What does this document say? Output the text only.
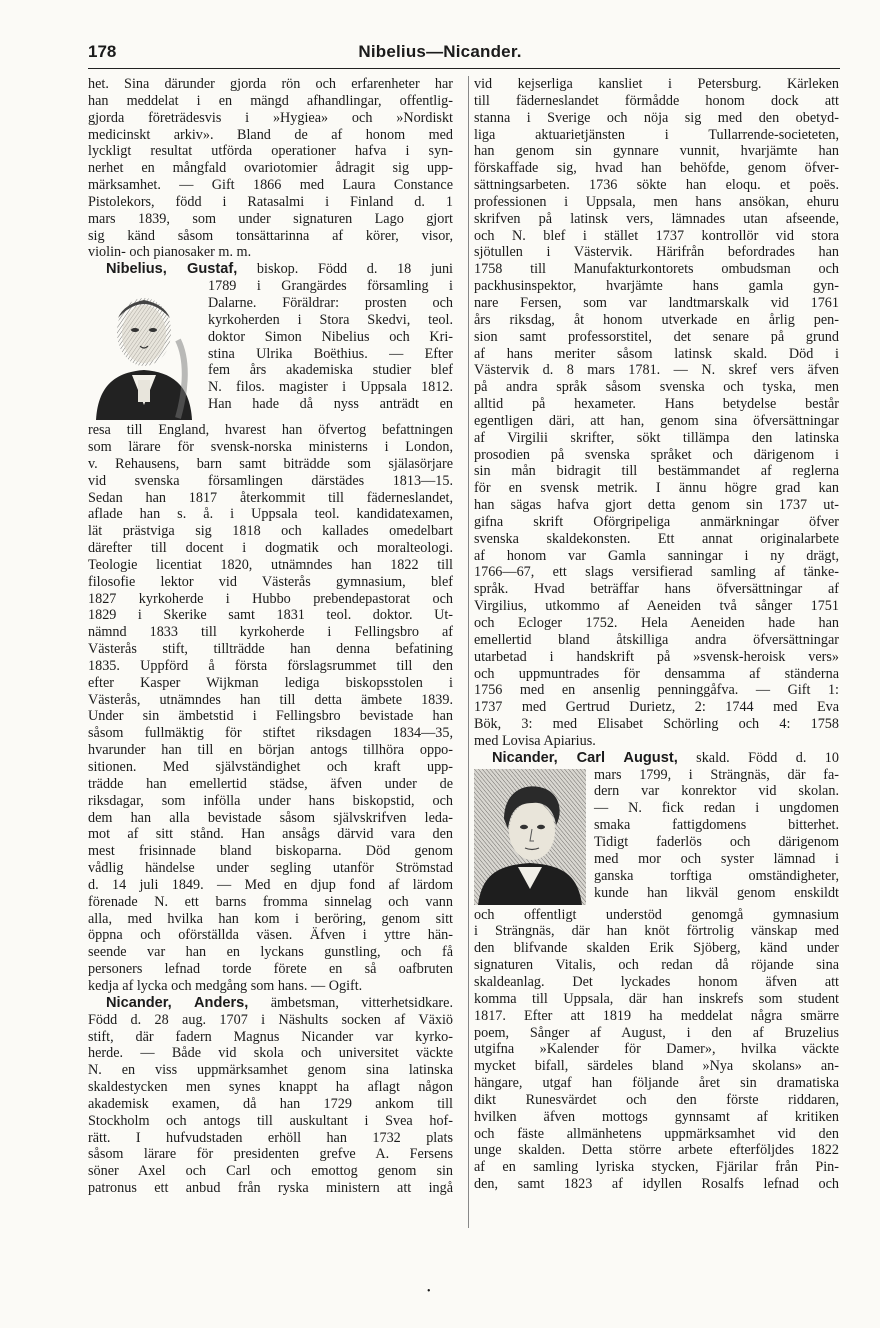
178	Nibelius—Nicander.
het. Sina därunder gjorda rön och erfarenheter har
han meddelat i en mängd afhandlingar, offentlig-
gjorda företrädesvis i »Hygiea» och »Nordiskt
medicinskt arkiv». Bland de af honom med
lyckligt resultat utförda operationer hafva i syn-
nerhet en mångfald ovariotomier ådragit sig upp-
märksamhet. — Gift 1866 med Laura Constance
Pistolekors, född i Ratasalmi i Finland d. 1
mars 1839, som under signaturen Lago gjort
sig känd såsom tonsättarinna af körer, visor,
violin- och pianosaker m. m.
Nibelius, Gustaf, biskop. Född d. 18 juni
1789 i Grangärdes församling i
Dalarne. Föräldrar: prosten och
kyrkoherden i Stora Skedvi, teol.
doktor Simon Nibelius och Kri-
stina Ulrika Boëthius. — Efter
fem års akademiska studier blef
N. filos. magister i Uppsala 1812.
Han hade då nyss anträdt en
resa till England, hvarest han öfvertog befattningen
som lärare för svensk-norska ministerns i London,
v. Rehausens, barn samt biträdde som själasörjare
vid svenska församlingen därstädes 1813—15.
Sedan han 1817 återkommit till fäderneslandet,
aflade han s. å. i Uppsala teol. kandidatexamen,
lät prästviga sig 1818 och kallades omedelbart
därefter till docent i dogmatik och moralteologi.
Teologie licentiat 1820, utnämndes han 1822 till
filosofie lektor vid Västerås gymnasium, blef
1827 kyrkoherde i Hubbo prebendepastorat och
1829 i Skerike samt 1831 teol. doktor. Ut-
nämnd 1833 till kyrkoherde i Fellingsbro af
Västerås stift, tillträdde han denna befatining
1835. Uppförd å första förslagsrummet till den
efter Kasper Wijkman lediga biskopsstolen i
Västerås, utnämndes han till detta ämbete 1839.
Under sin ämbetstid i Fellingsbro bevistade han
såsom fullmäktig för stiftet riksdagen 1834—35,
hvarunder han till en början antogs tillhöra oppo-
sitionen. Med självständighet och kraft upp-
trädde han emellertid städse, äfven under de
riksdagar, som infölla under hans biskopstid, och
dem han alla bevistade såsom självskrifven leda-
mot af sitt stånd. Han ansågs därvid vara den
mest frisinnade bland biskoparna. Död genom
vådlig händelse under segling utanför Strömstad
d. 14 juli 1849. — Med en djup fond af lärdom
förenade N. ett barns fromma sinnelag och vann
alla, med hvilka han kom i beröring, genom sitt
öppna och oförställda väsen. Äfven i yttre hän-
seende var han en lyckans gunstling, och få
personers lefnad torde förete en så oafbruten
kedja af lycka och medgång som hans. — Ogift.
Nicander, Anders, ämbetsman, vitterhetsidkare.
Född d. 28 aug. 1707 i Näshults socken af Växiö
stift, där fadern Magnus Nicander var kyrko-
herde. — Både vid skola och universitet väckte
N. en viss uppmärksamhet genom sina latinska
skaldestycken men synes knappt ha aflagt någon
akademisk examen, då han 1729 ankom till
Stockholm och antogs till auskultant i Svea hof-
rätt. I hufvudstaden erhöll han 1732 plats
såsom lärare för presidenten grefve A. Fersens
söner Axel och Carl och emottog genom sin
patronus ett anbud från ryska ministern att ingå
vid kejserliga kansliet i Petersburg. Kärleken
till fäderneslandet förmådde honom dock att
stanna i Sverige och nöja sig med den obetyd-
liga aktuarietjänsten i Tullarrende-societeten,
han genom sin gynnare vunnit, hvarjämte han
förskaffade sig, hvad han behöfde, genom öfver-
sättningsarbeten. 1736 sökte han eloqu. et poës.
professionen i Uppsala, men hans ansökan, ehuru
skrifven på latinsk vers, lämnades utan afseende,
och N. blef i stället 1737 kontrollör vid stora
sjötullen i Västervik. Härifrån befordrades han
1758 till Manufakturkontorets ombudsman och
packhusinspektor, hvarjämte hans gamla gyn-
nare Fersen, som var landtmarskalk vid 1761
års riksdag, åt honom utverkade en årlig pen-
sion samt professorstitel, det senare på grund
af hans meriter såsom latinsk skald. Död i
Västervik d. 8 mars 1781. — N. skref vers äfven
på andra språk såsom svenska och tyska, men
alltid på hexameter. Hans betydelse består
egentligen däri, att han, genom sina öfversättningar
af Virgilii skrifter, sökt tillämpa den latinska
prosodien på svenska språket och därigenom i
sin mån bidragit till bestämmandet af reglerna
för en svensk metrik. I ännu högre grad kan
han sägas hafva gjort detta genom sin 1737 ut-
gifna skrift Oförgripeliga anmärkningar öfver
svenska skaldekonsten. Ett annat originalarbete
af honom var Gamla sanningar i ny drägt,
1766—67, ett slags versifierad samling af tänke-
språk. Hvad beträffar hans öfversättningar af
Virgilius, utkommo af Aeneiden två sånger 1751
och Ecloger 1752. Hela Aeneiden hade han
emellertid bland åtskilliga andra öfversättningar
utarbetad i handskrift på »svensk-heroisk vers»
och uppmuntrades för densamma af ständerna
1756 med en ansenlig penninggåfva. — Gift 1:
1737 med Gertrud Durietz, 2: 1744 med Eva
Bök, 3: med Elisabet Schörling och 4: 1758
med Lovisa Apiarius.
Nicander, Carl August, skald. Född d. 10
mars 1799, i Strängnäs, där fa-
dern var konrektor vid skolan.
— N. fick redan i ungdomen
smaka fattigdomens bitterhet.
Tidigt faderlös och därigenom
med mor och syster lämnad i
ganska torftiga omständigheter,
kunde han likväl genom enskildt
och offentligt understöd genomgå gymnasium
i Strängnäs, där han knöt förtrolig vänskap med
den blifvande skalden Erik Sjöberg, känd under
signaturen Vitalis, och redan då röjande sina
skaldeanlag. Det lyckades honom äfven att
komma till Uppsala, där han inskrefs som student
1817. Efter att 1819 ha meddelat några smärre
poem, Sånger af August, i den af Bruzelius
utgifna »Kalender för Damer», hvilka väckte
mycket bifall, särdeles bland »Nya skolans» an-
hängare, utgaf han följande året sin dramatiska
dikt Runesvärdet och den förste riddaren,
hvilken äfven mottogs gynnsamt af kritiken
och fäste allmänhetens uppmärksamhet vid den
unge skalden. Detta större arbete efterföljdes 1822
af en samling lyriska stycken, Fjärilar från Pin-
den, samt 1823 af idyllen Rosalfs lefnad och
•
